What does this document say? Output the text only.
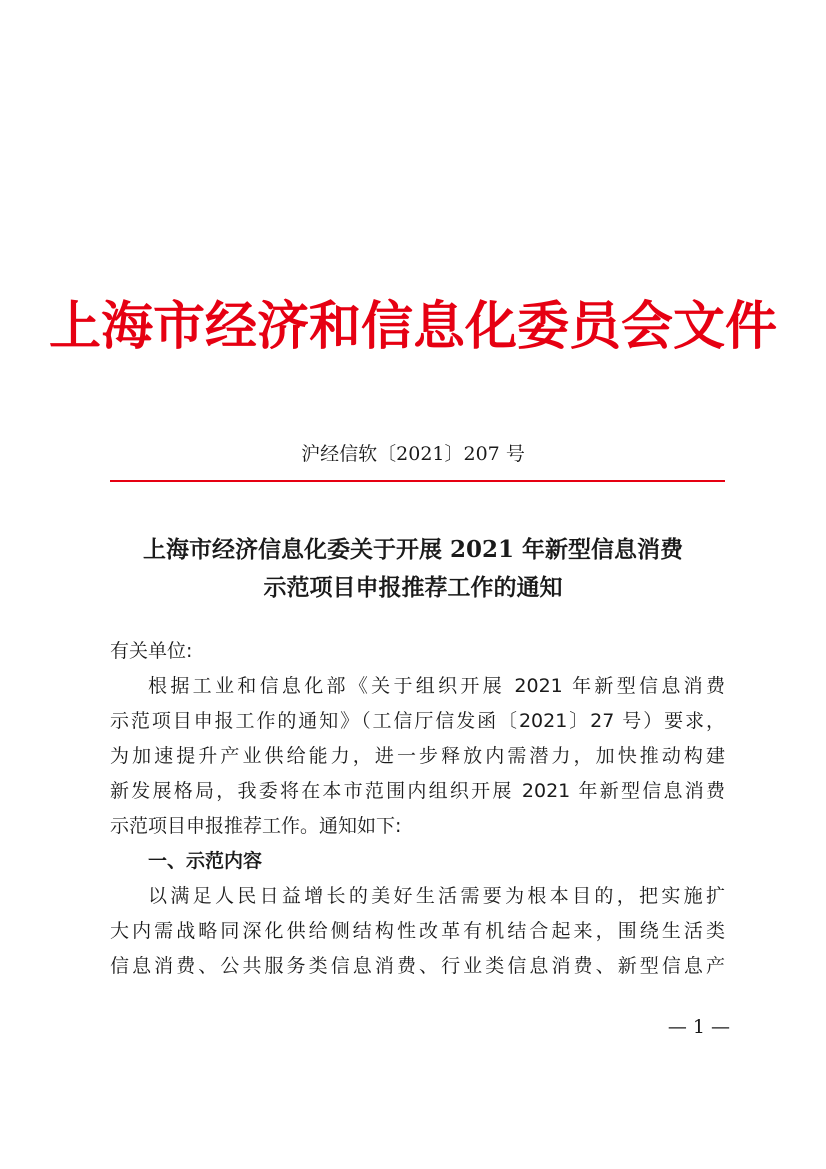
上海市经济和信息化委员会文件
沪经信软〔2021〕207 号
上海市经济信息化委关于开展 2021 年新型信息消费
示范项目申报推荐工作的通知
有关单位:
根据工业和信息化部《关于组织开展 2021 年新型信息消费
示范项目申报工作的通知》（工信厅信发函〔2021〕27 号）要求，
为加速提升产业供给能力，进一步释放内需潜力，加快推动构建
新发展格局，我委将在本市范围内组织开展 2021 年新型信息消费
示范项目申报推荐工作。通知如下:
一、示范内容
以满足人民日益增长的美好生活需要为根本目的，把实施扩
大内需战略同深化供给侧结构性改革有机结合起来，围绕生活类
信息消费、公共服务类信息消费、行业类信息消费、新型信息产
— 1 —
